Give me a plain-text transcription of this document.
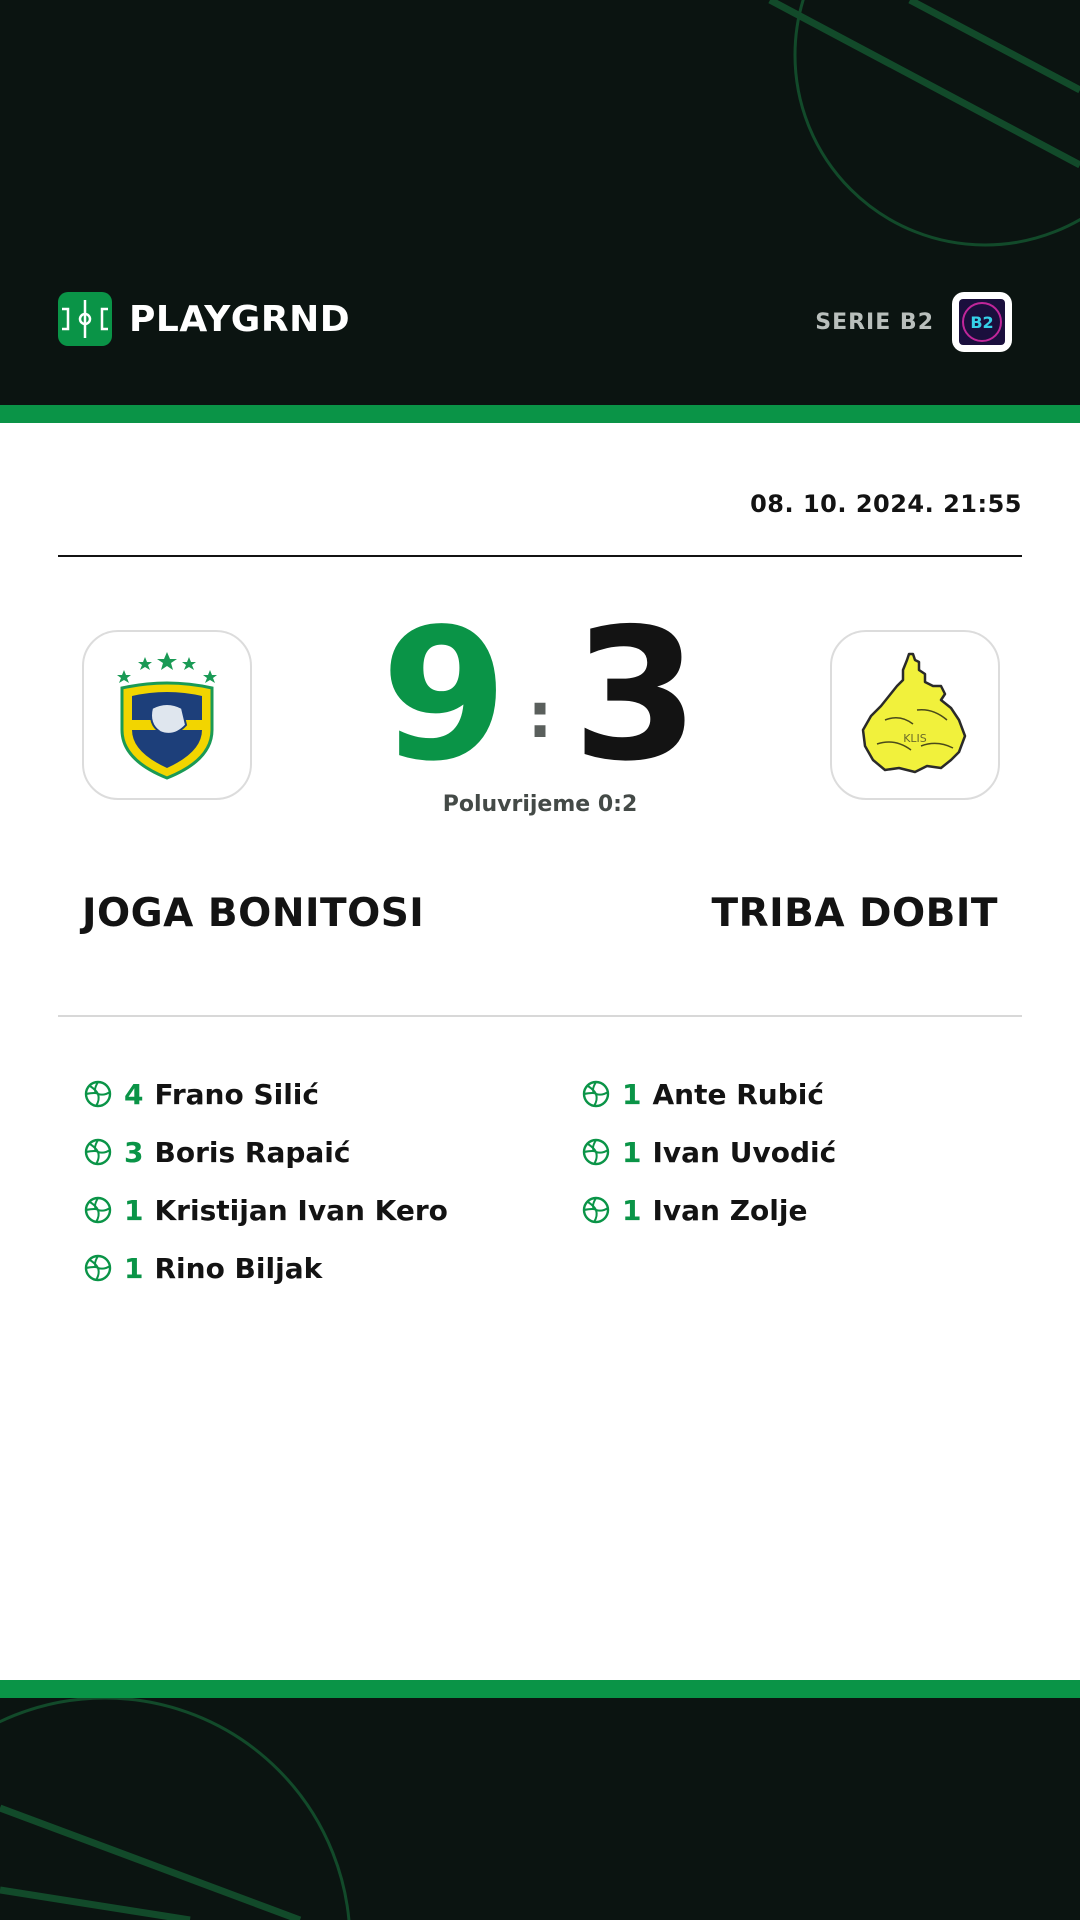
PLAYGRND	SERIE B2 B2
08. 10. 2024. 21:55
9 : 3	KLIS
Poluvrijeme 0:2
JOGA BONITOSI	TRIBA DOBIT
4 Frano Silić
3 Boris Rapaić
1 Kristijan Ivan Kero
1 Rino Biljak
1 Ante Rubić
1 Ivan Uvodić
1 Ivan Zolje
